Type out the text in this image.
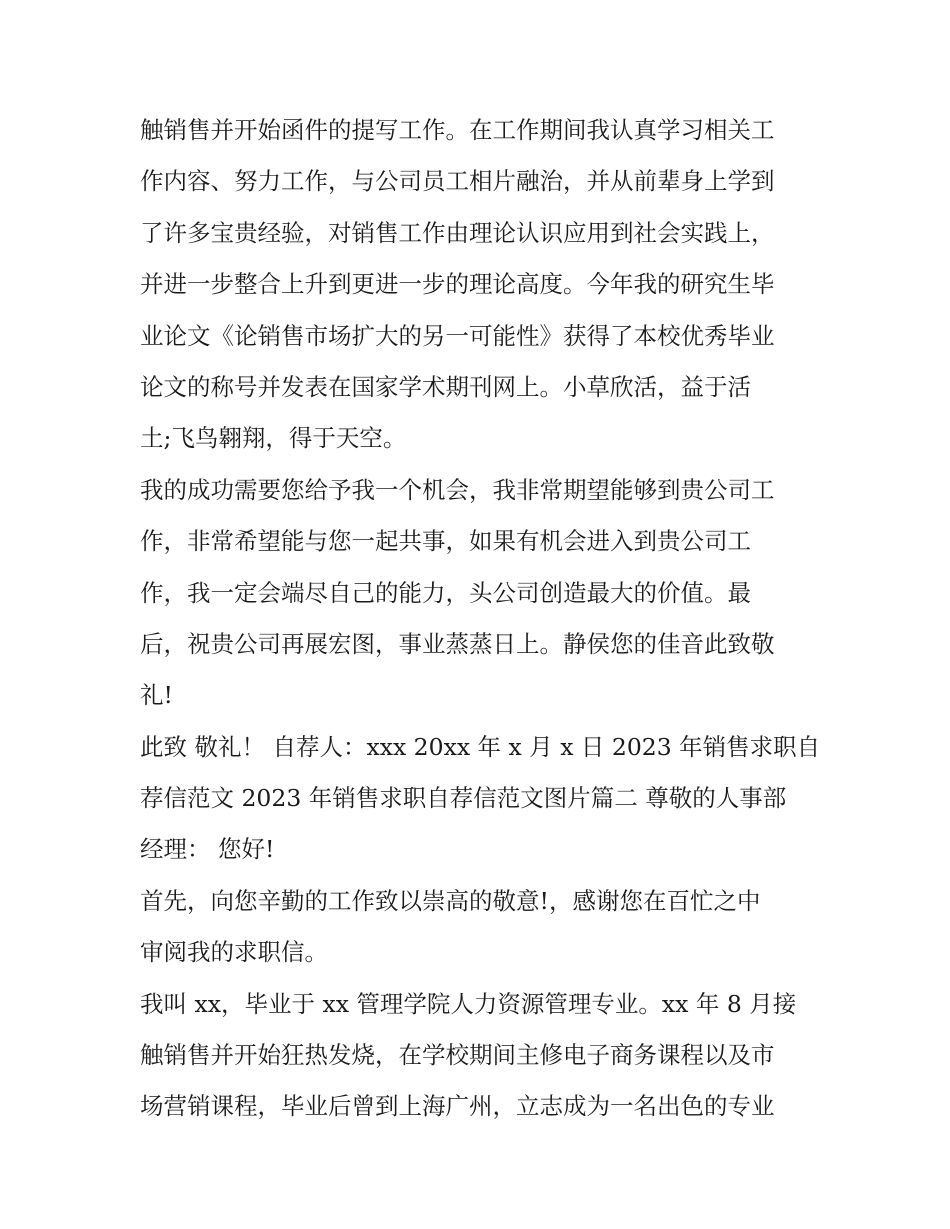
触销售并开始函件的提写工作。在工作期间我认真学习相关工
作内容、努力工作，与公司员工相片融治，并从前辈身上学到
了许多宝贵经验，对销售工作由理论认识应用到社会实践上，
并进一步整合上升到更进一步的理论高度。今年我的研究生毕
业论文《论销售市场扩大的另一可能性》获得了本校优秀毕业
论文的称号并发表在国家学术期刊网上。小草欣活，益于活
土;飞鸟翱翔，得于天空。
我的成功需要您给予我一个机会，我非常期望能够到贵公司工
作，非常希望能与您一起共事，如果有机会进入到贵公司工
作，我一定会端尽自己的能力，头公司创造最大的价值。最
后，祝贵公司再展宏图，事业蒸蒸日上。静侯您的佳音此致敬
礼!
此致 敬礼！ 自荐人：xxx 20xx 年 x 月 x 日 2023 年销售求职自
荐信范文 2023 年销售求职自荐信范文图片篇二 尊敬的人事部
经理： 您好!
首先，向您辛勤的工作致以崇高的敬意!，感谢您在百忙之中
审阅我的求职信。
我叫 xx，毕业于 xx 管理学院人力资源管理专业。xx 年 8 月接
触销售并开始狂热发烧，在学校期间主修电子商务课程以及市
场营销课程，毕业后曾到上海广州，立志成为一名出色的专业
